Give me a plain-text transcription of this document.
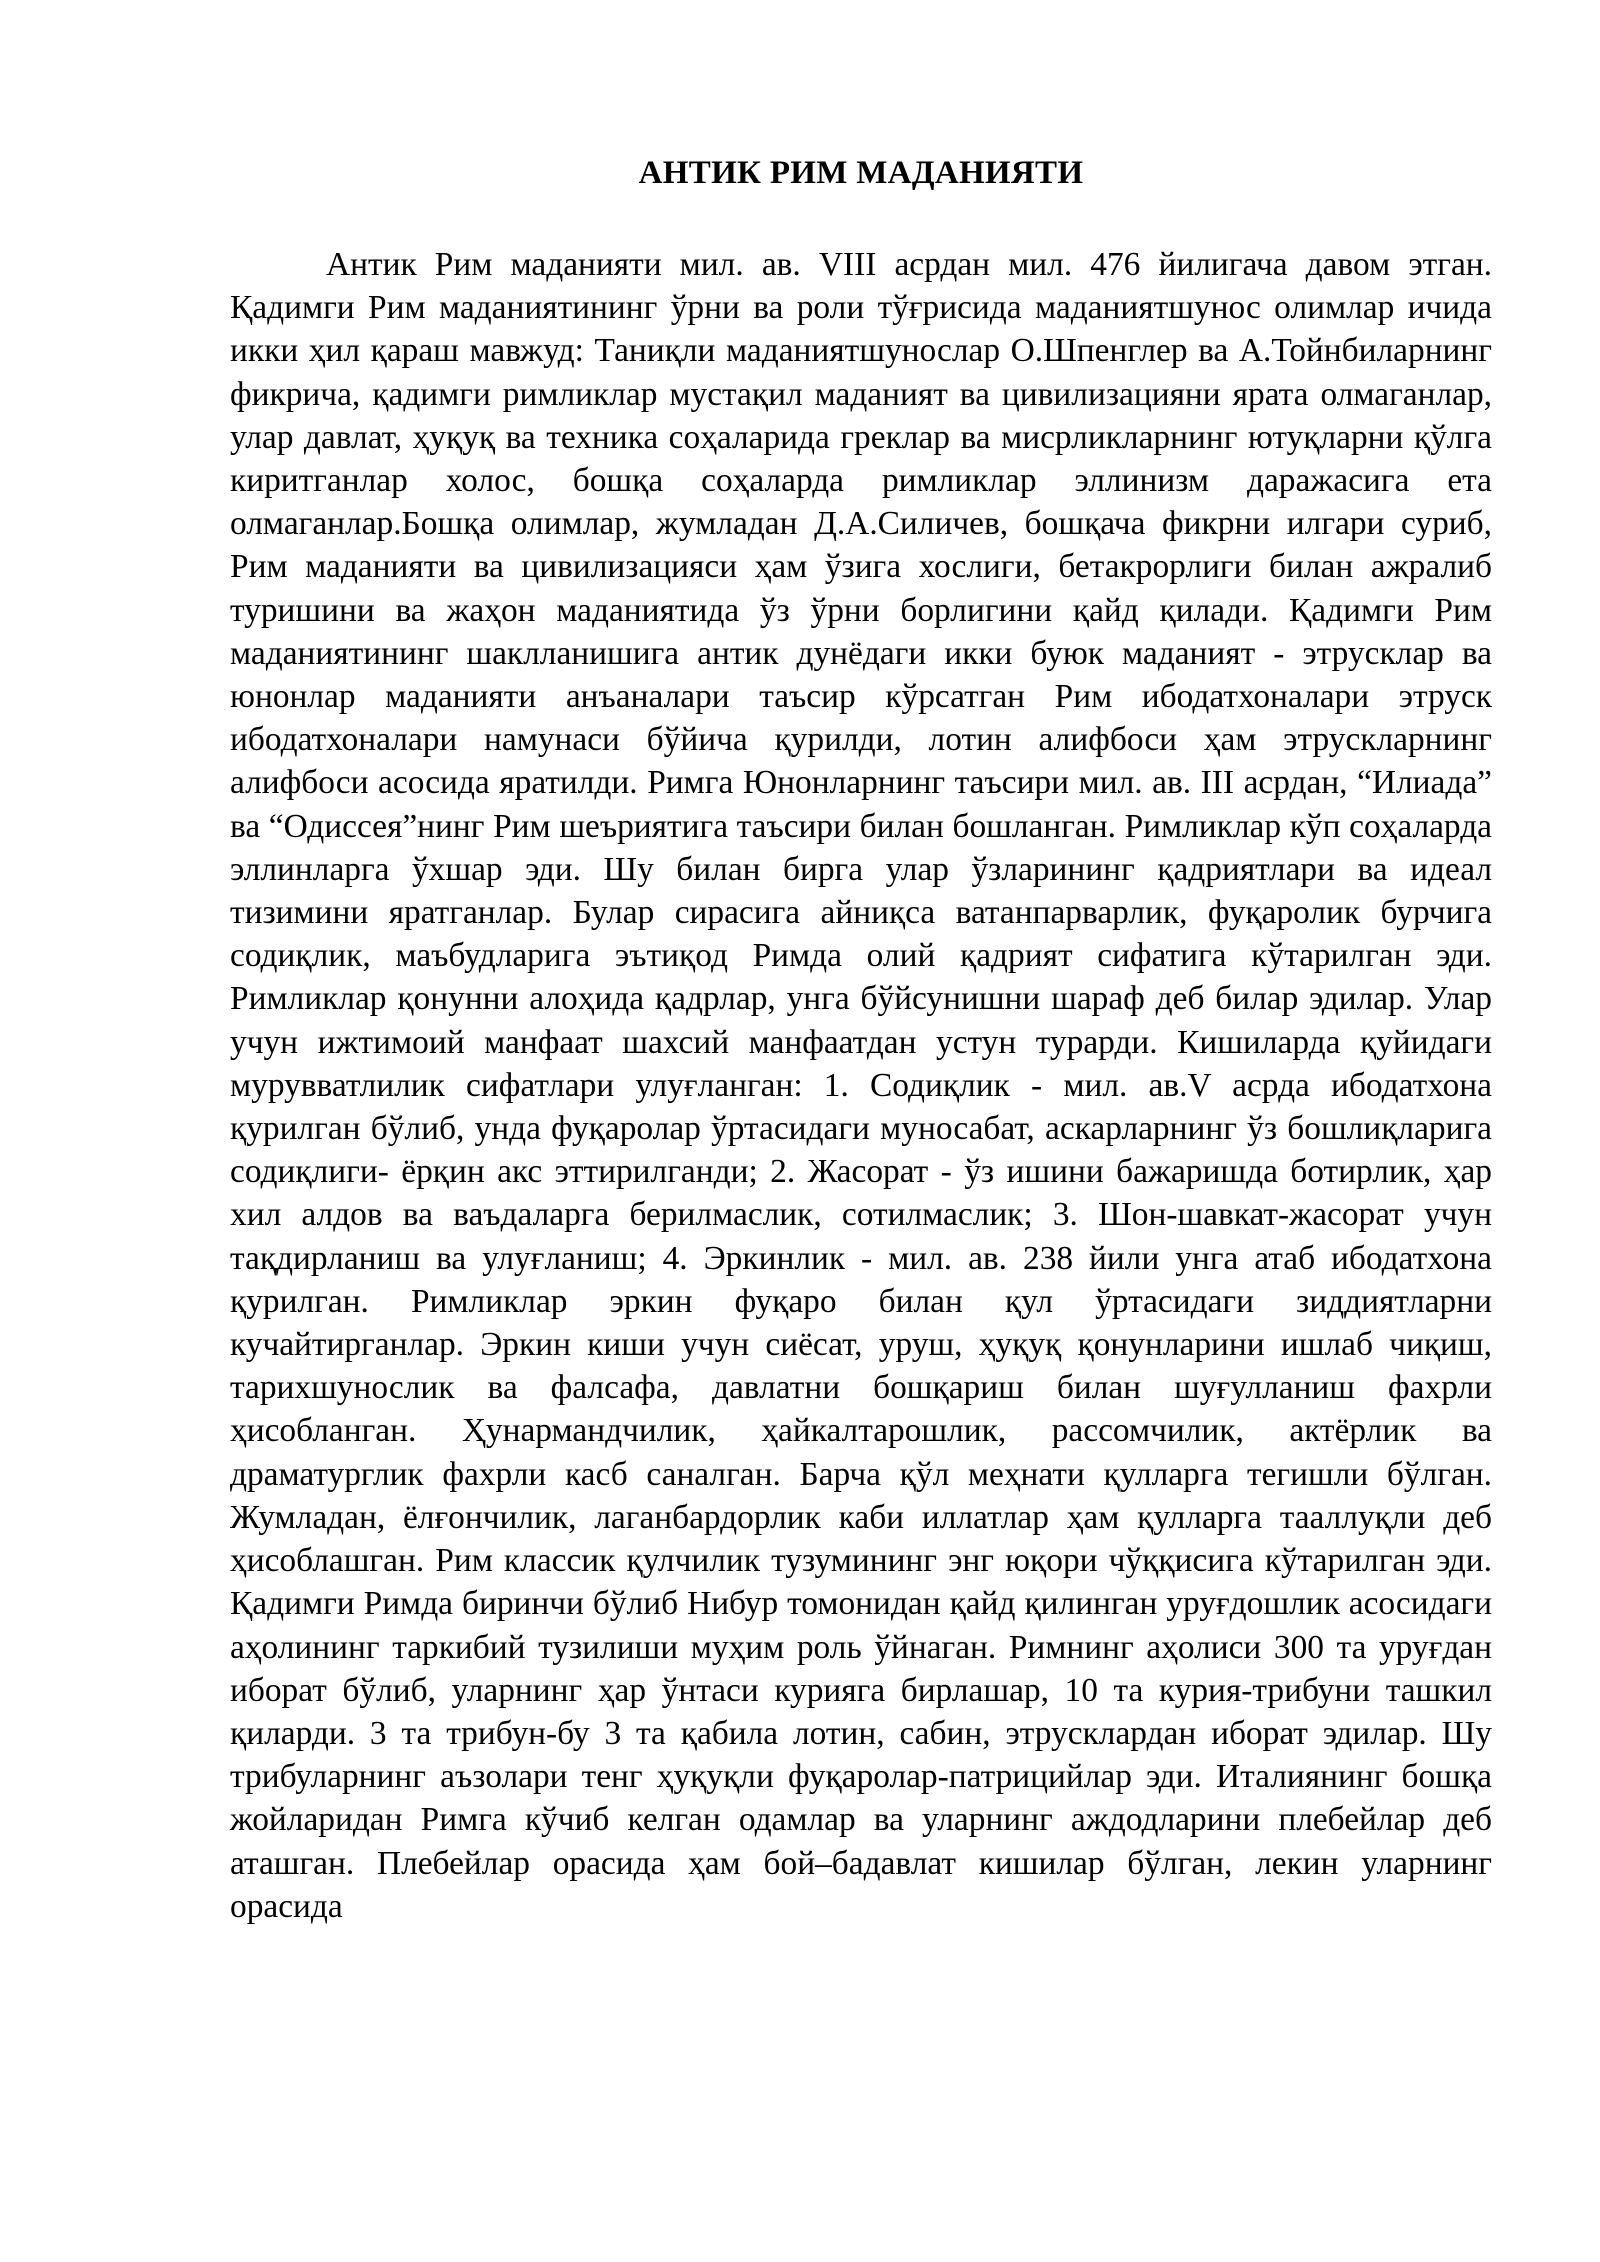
АНТИК РИМ МАДАНИЯТИ

Антик Рим маданияти мил. ав. VIII асрдан мил. 476 йилигача давом этган. Қадимги Рим маданиятининг ўрни ва роли тўғрисида маданиятшунос олимлар ичида икки ҳил қараш мавжуд: Таниқли маданиятшунослар О.Шпенглер ва А.Тойнбиларнинг фикрича, қадимги римликлар мустақил маданият ва цивилизацияни ярата олмаганлар, улар давлат, ҳуқуқ ва техника соҳаларида греклар ва мисрликларнинг ютуқларни қўлга киритганлар холос, бошқа соҳаларда римликлар эллинизм даражасига ета олмаганлар.Бошқа олимлар, жумладан Д.А.Силичев, бошқача фикрни илгари суриб, Рим маданияти ва цивилизацияси ҳам ўзига хослиги, бетакрорлиги билан ажралиб туришини ва жаҳон маданиятида ўз ўрни борлигини қайд қилади. Қадимги Рим маданиятининг шаклланишига антик дунёдаги икки буюк маданият - этрусклар ва юнонлар маданияти анъаналари таъсир кўрсатган Рим ибодатхоналари этруск ибодатхоналари намунаси бўйича қурилди, лотин алифбоси ҳам этрускларнинг алифбоси асосида яратилди. Римга Юнонларнинг таъсири мил. ав. III асрдан, “Илиада” ва “Одиссея”нинг Рим шеъриятига таъсири билан бошланган. Римликлар кўп соҳаларда эллинларга ўхшар эди. Шу билан бирга улар ўзларининг қадриятлари ва идеал тизимини яратганлар. Булар сирасига айниқса ватанпарварлик, фуқаролик бурчига содиқлик, маъбудларига эътиқод Римда олий қадрият сифатига кўтарилган эди. Римликлар қонунни алоҳида қадрлар, унга бўйсунишни шараф деб билар эдилар. Улар учун ижтимоий манфаат шахсий манфаатдан устун турарди. Кишиларда қуйидаги мурувватлилик сифатлари улуғланган: 1. Содиқлик - мил. ав.V асрда ибодатхона қурилган бўлиб, унда фуқаролар ўртасидаги муносабат, аскарларнинг ўз бошлиқларига содиқлиги- ёрқин акс эттирилганди; 2. Жасорат - ўз ишини бажаришда ботирлик, ҳар хил алдов ва ваъдаларга берилмаслик, сотилмаслик; 3. Шон-шавкат-жасорат учун тақдирланиш ва улуғланиш; 4. Эркинлик - мил. ав. 238 йили унга атаб ибодатхона қурилган. Римликлар эркин фуқаро билан қул ўртасидаги зиддиятларни кучайтирганлар. Эркин киши учун сиёсат, уруш, ҳуқуқ қонунларини ишлаб чиқиш, тарихшунослик ва фалсафа, давлатни бошқариш билан шуғулланиш фахрли ҳисобланган. Ҳунармандчилик, ҳайкалтарошлик, рассомчилик, актёрлик ва драматурглик фахрли касб саналган. Барча қўл меҳнати қулларга тегишли бўлган. Жумладан, ёлғончилик, лаганбардорлик каби иллатлар ҳам қулларга тааллуқли деб ҳисоблашган. Рим классик қулчилик тузумининг энг юқори чўққисига кўтарилган эди. Қадимги Римда биринчи бўлиб Нибур томонидан қайд қилинган уруғдошлик асосидаги аҳолининг таркибий тузилиши муҳим роль ўйнаган. Римнинг аҳолиси 300 та уруғдан иборат бўлиб, уларнинг ҳар ўнтаси курияга бирлашар, 10 та курия-трибуни ташкил қиларди. 3 та трибун-бу 3 та қабила лотин, сабин, этрусклардан иборат эдилар. Шу трибуларнинг аъзолари тенг ҳуқуқли фуқаролар-патрицийлар эди. Италиянинг бошқа жойларидан Римга кўчиб келган одамлар ва уларнинг аждодларини плебейлар деб аташган. Плебейлар орасида ҳам бой–бадавлат кишилар бўлган, лекин уларнинг орасида
